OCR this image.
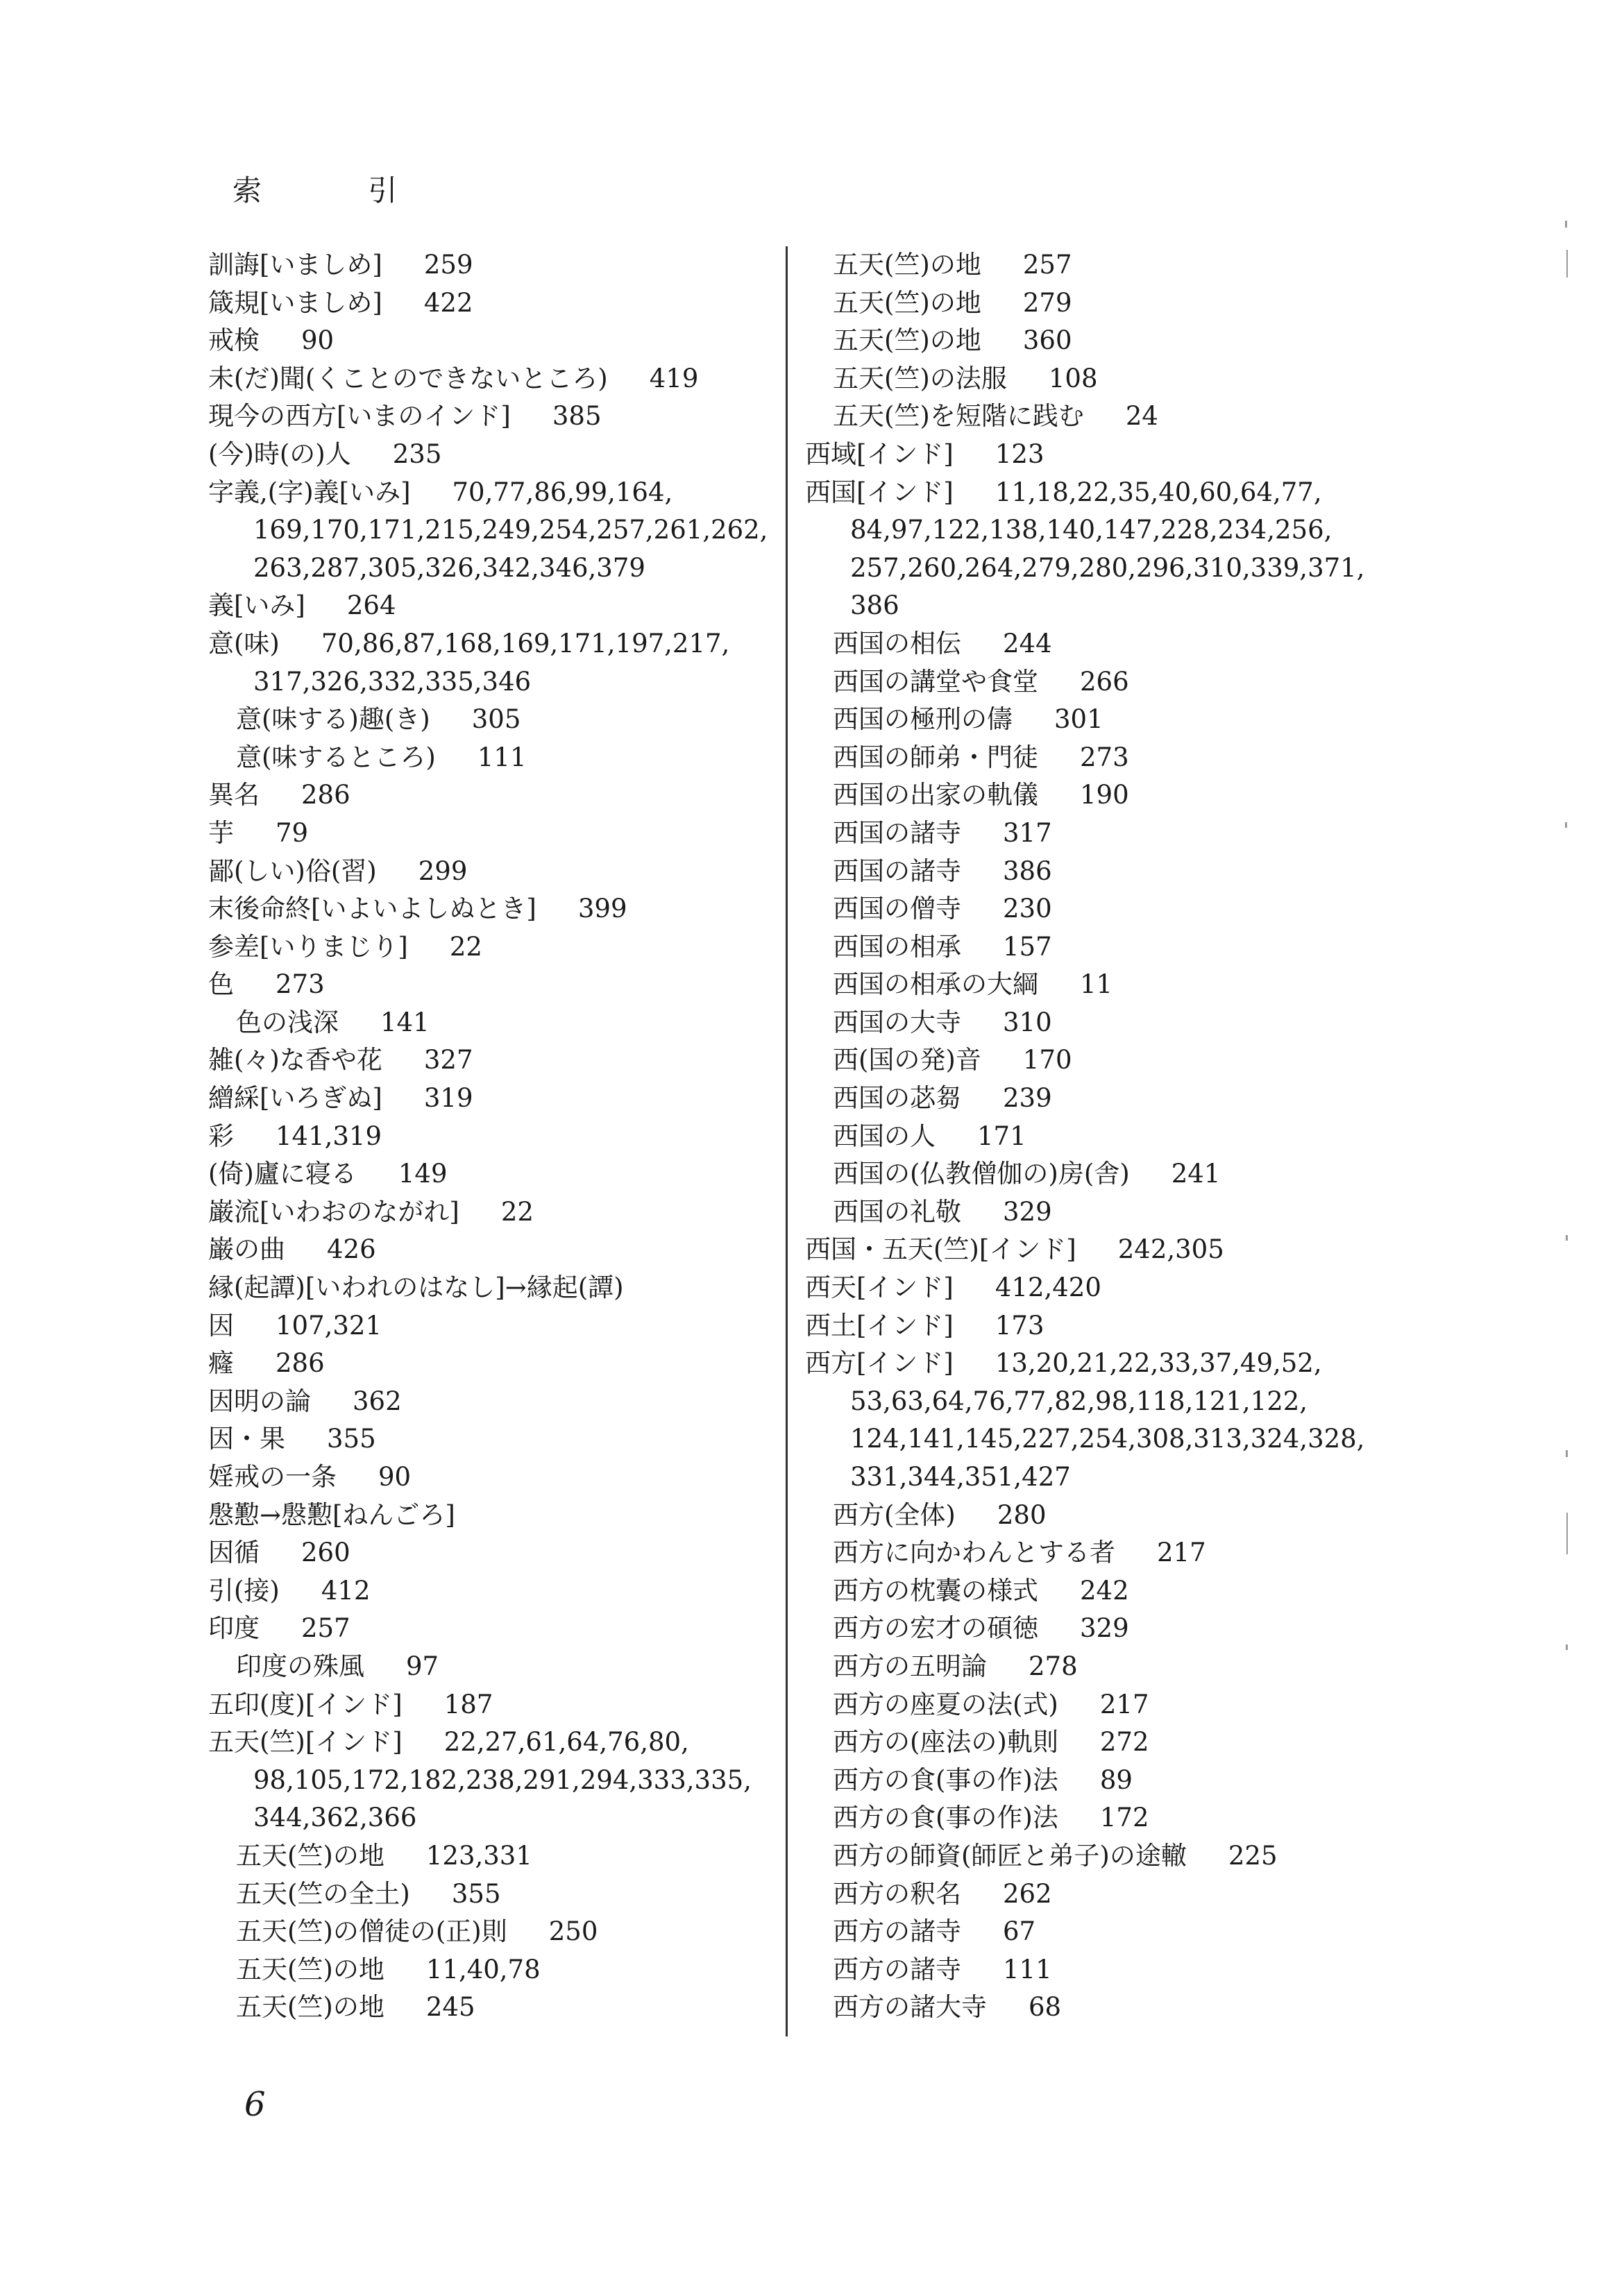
索 引
訓誨[いましめ] 259
箴規[いましめ] 422
戒検 90
未(だ)聞(くことのできないところ) 419
現今の西方[いまのインド] 385
(今)時(の)人 235
字義,(字)義[いみ] 70,77,86,99,164,
169,170,171,215,249,254,257,261,262,
263,287,305,326,342,346,379
義[いみ] 264
意(味) 70,86,87,168,169,171,197,217,
317,326,332,335,346
意(味する)趣(き) 305
意(味するところ) 111
異名 286
芋 79
鄙(しい)俗(習) 299
末後命終[いよいよしぬとき] 399
参差[いりまじり] 22
色 273
色の浅深 141
雑(々)な香や花 327
繒綵[いろぎぬ] 319
彩 141,319
(倚)廬に寝る 149
巌流[いわおのながれ] 22
巌の曲 426
縁(起譚)[いわれのはなし]→縁起(譚)
因 107,321
癃 286
因明の論 362
因・果 355
婬戒の一条 90
慇懃→慇懃[ねんごろ]
因循 260
引(接) 412
印度 257
印度の殊風 97
五印(度)[インド] 187
五天(竺)[インド] 22,27,61,64,76,80,
98,105,172,182,238,291,294,333,335,
344,362,366
五天(竺)の地 123,331
五天(竺の全土) 355
五天(竺)の僧徒の(正)則 250
五天(竺)の地 11,40,78
五天(竺)の地 245
五天(竺)の地 257
五天(竺)の地 279
五天(竺)の地 360
五天(竺)の法服 108
五天(竺)を短階に践む 24
西域[インド] 123
西国[インド] 11,18,22,35,40,60,64,77,
84,97,122,138,140,147,228,234,256,
257,260,264,279,280,296,310,339,371,
386
西国の相伝 244
西国の講堂や食堂 266
西国の極刑の儔 301
西国の師弟・門徒 273
西国の出家の軌儀 190
西国の諸寺 317
西国の諸寺 386
西国の僧寺 230
西国の相承 157
西国の相承の大綱 11
西国の大寺 310
西(国の発)音 170
西国の苾芻 239
西国の人 171
西国の(仏教僧伽の)房(舎) 241
西国の礼敬 329
西国・五天(竺)[インド] 242,305
西天[インド] 412,420
西土[インド] 173
西方[インド] 13,20,21,22,33,37,49,52,
53,63,64,76,77,82,98,118,121,122,
124,141,145,227,254,308,313,324,328,
331,344,351,427
西方(全体) 280
西方に向かわんとする者 217
西方の枕囊の様式 242
西方の宏才の碩徳 329
西方の五明論 278
西方の座夏の法(式) 217
西方の(座法の)軌則 272
西方の食(事の作)法 89
西方の食(事の作)法 172
西方の師資(師匠と弟子)の途轍 225
西方の釈名 262
西方の諸寺 67
西方の諸寺 111
西方の諸大寺 68
6
